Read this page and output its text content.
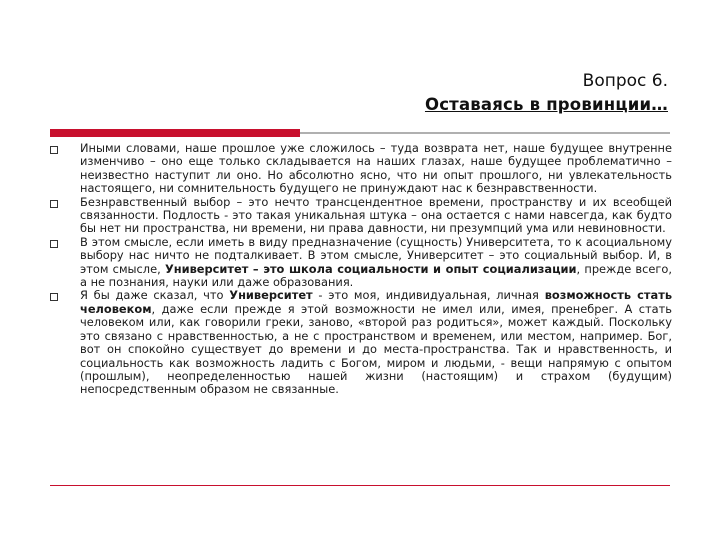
Вопрос 6.
Оставаясь в провинции…
Иными словами, наше прошлое уже сложилось – туда возврата нет, наше будущее внутренне изменчиво – оно еще только складывается на наших глазах, наше будущее проблематично – неизвестно наступит ли оно. Но абсолютно ясно, что ни опыт прошлого, ни увлекательность настоящего, ни сомнительность будущего не принуждают нас к безнравственности.
Безнравственный выбор – это нечто трансцендентное времени, пространству и их всеобщей связанности. Подлость - это такая уникальная штука – она остается с нами навсегда, как будто бы нет ни пространства, ни времени, ни права давности, ни презумпций ума или невиновности.
В этом смысле, если иметь в виду предназначение (сущность) Университета, то к асоциальному выбору нас ничто не подталкивает. В этом смысле, Университет – это социальный выбор. И, в этом смысле, Университет – это школа социальности и опыт социализации, прежде всего, а не познания, науки или даже образования.
Я бы даже сказал, что Университет - это моя, индивидуальная, личная возможность стать человеком, даже если прежде я этой возможности не имел или, имея, пренебрег. А стать человеком или, как говорили греки, заново, «второй раз родиться», может каждый. Поскольку это связано с нравственностью, а не с пространством и временем, или местом, например. Бог, вот он спокойно существует до времени и до места-пространства. Так и нравственность, и социальность как возможность ладить с Богом, миром и людьми, - вещи напрямую с опытом (прошлым), неопределенностью нашей жизни (настоящим) и страхом (будущим) непосредственным образом не связанные.
